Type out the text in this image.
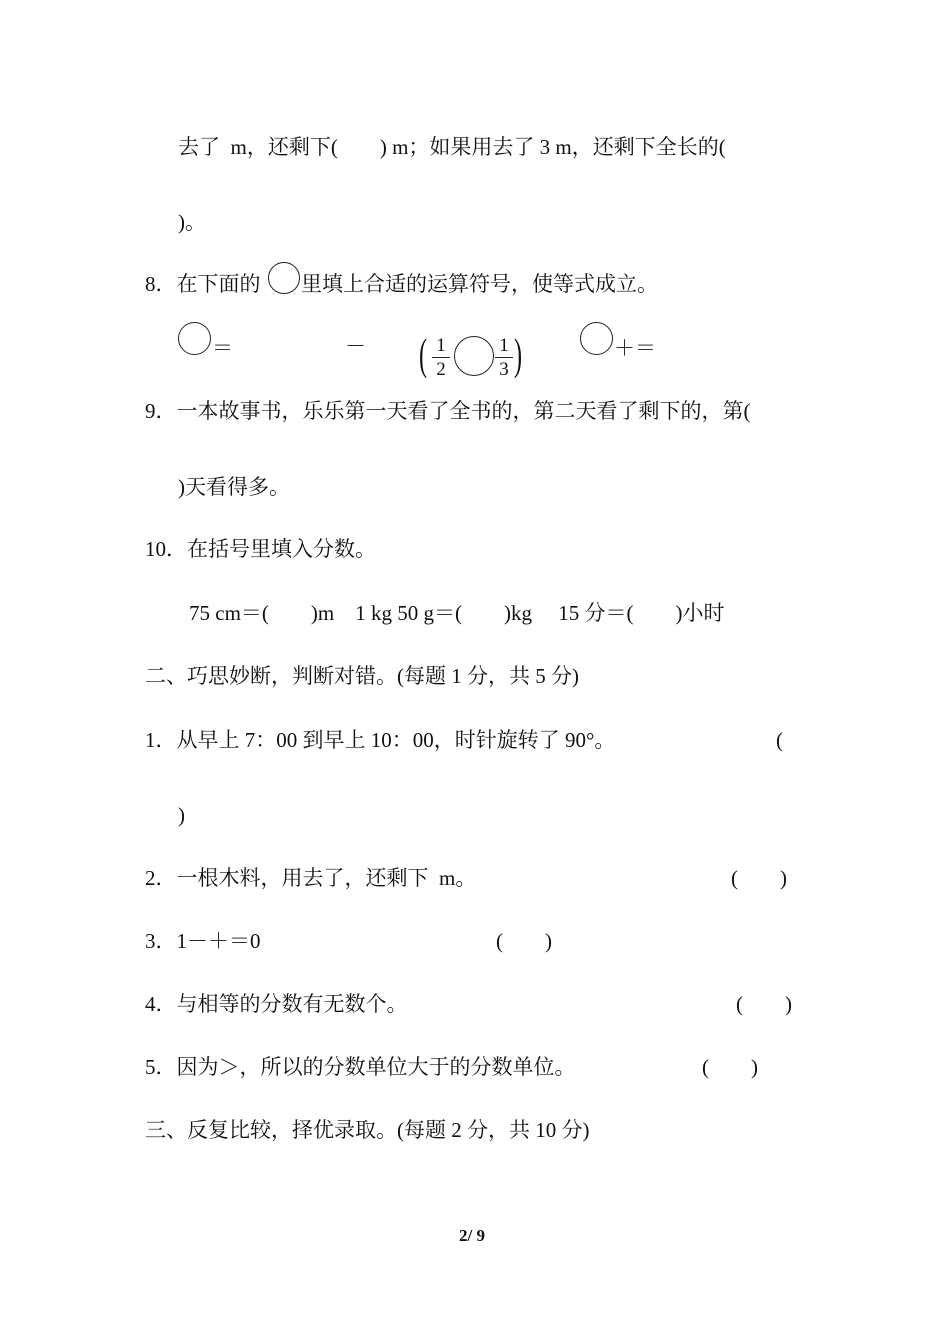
去了  m，还剩下(        ) m；如果用去了 3 m，还剩下全长的(
)。
8．在下面的 里填上合适的运算符号，使等式成立。
＝	－ ( 1
2
1
3 )	＋＝
9．一本故事书，乐乐第一天看了全书的，第二天看了剩下的，第(
)天看得多。
10．在括号里填入分数。
75 cm＝(        )m    1 kg 50 g＝(        )kg     15 分＝(        )小时
二、巧思妙断，判断对错。(每题 1 分，共 5 分)
1．从早上 7：00 到早上 10：00，时针旋转了 90°。	(
)
2．一根木料，用去了，还剩下  m。	(        )
3．1－＋＝0	(        )
4．与相等的分数有无数个。	(        )
5．因为＞，所以的分数单位大于的分数单位。	(        )
三、反复比较，择优录取。(每题 2 分，共 10 分)
2/ 9
